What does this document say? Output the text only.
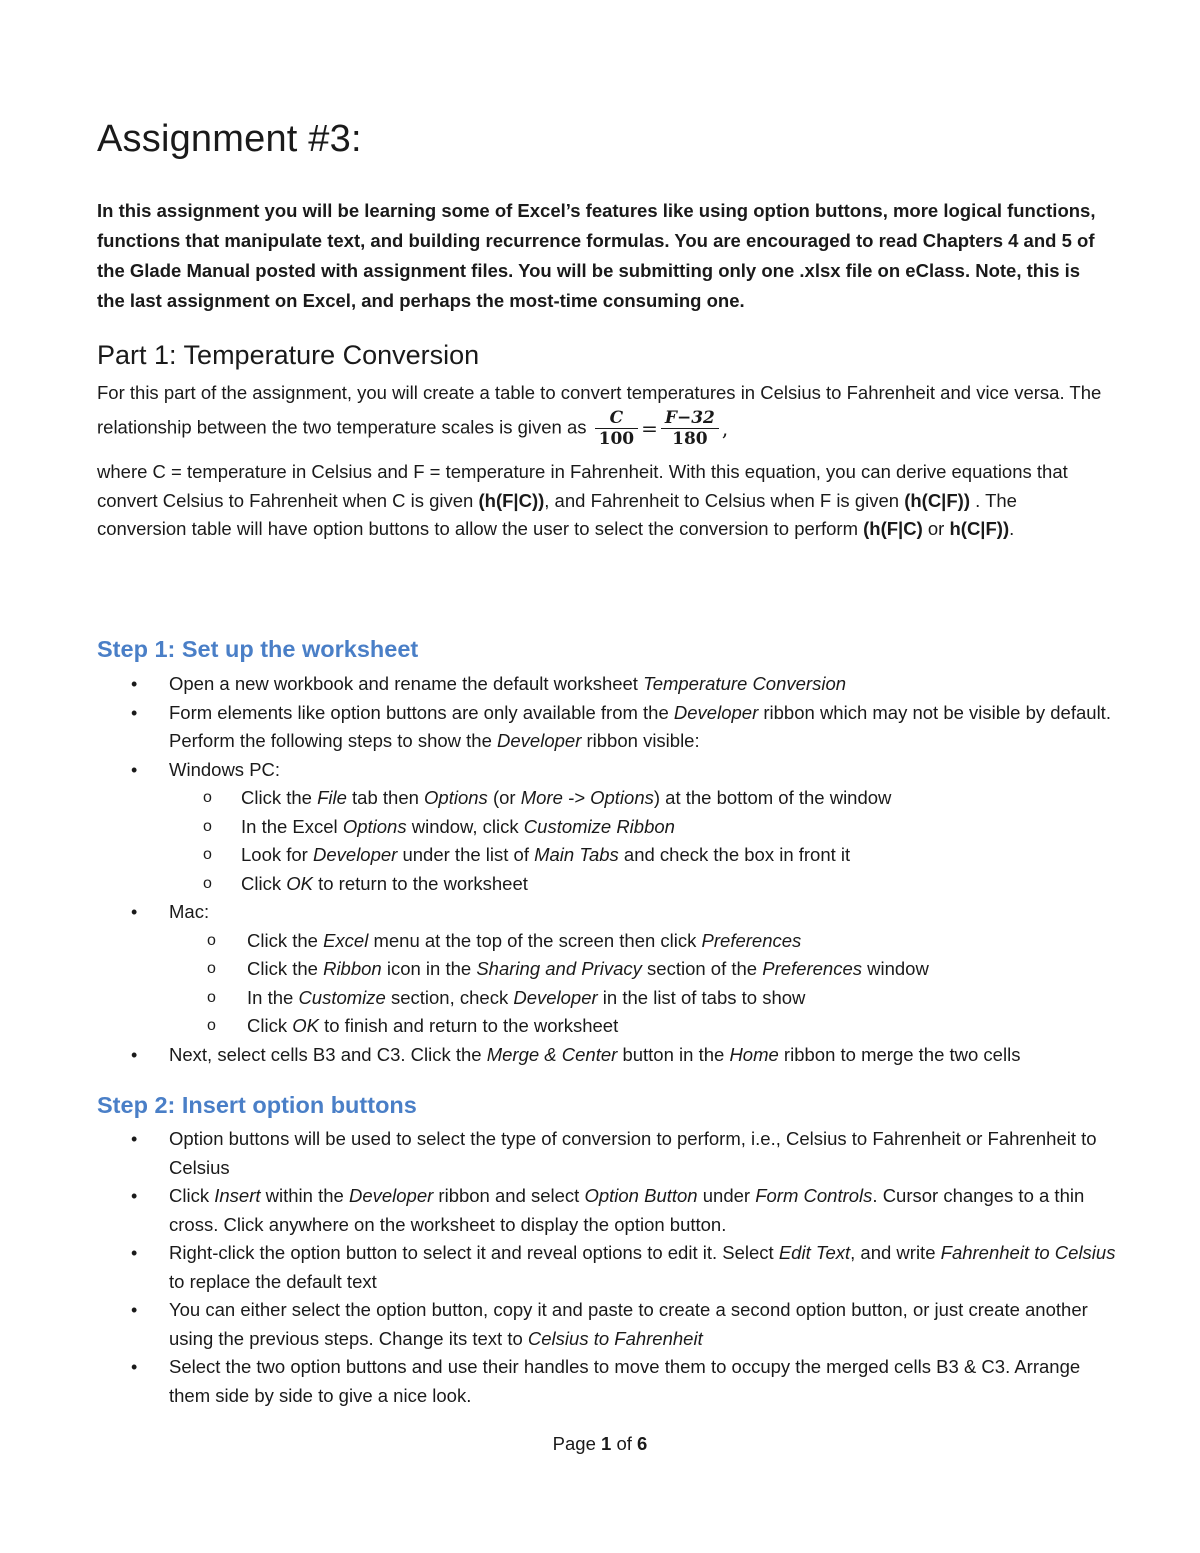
Assignment #3:

In this assignment you will be learning some of Excel’s features like using option buttons, more logical functions, functions that manipulate text, and building recurrence formulas. You are encouraged to read Chapters 4 and 5 of the Glade Manual posted with assignment files. You will be submitting only one .xlsx file on eClass. Note, this is the last assignment on Excel, and perhaps the most-time consuming one.

Part 1: Temperature Conversion

For this part of the assignment, you will create a table to convert temperatures in Celsius to Fahrenheit and vice versa. The relationship between the two temperature scales is given as $\frac{C}{100} = \frac{F-32}{180}$ ,

where C = temperature in Celsius and F = temperature in Fahrenheit. With this equation, you can derive equations that convert Celsius to Fahrenheit when C is given (h(F|C)), and Fahrenheit to Celsius when F is given (h(C|F)) . The conversion table will have option buttons to allow the user to select the conversion to perform (h(F|C) or h(C|F)).

Step 1: Set up the worksheet
• Open a new workbook and rename the default worksheet Temperature Conversion
• Form elements like option buttons are only available from the Developer ribbon which may not be visible by default. Perform the following steps to show the Developer ribbon visible:
• Windows PC:
o Click the File tab then Options (or More -> Options) at the bottom of the window
o In the Excel Options window, click Customize Ribbon
o Look for Developer under the list of Main Tabs and check the box in front it
o Click OK to return to the worksheet
• Mac:
o Click the Excel menu at the top of the screen then click Preferences
o Click the Ribbon icon in the Sharing and Privacy section of the Preferences window
o In the Customize section, check Developer in the list of tabs to show
o Click OK to finish and return to the worksheet
• Next, select cells B3 and C3. Click the Merge & Center button in the Home ribbon to merge the two cells
Step 2: Insert option buttons
• Option buttons will be used to select the type of conversion to perform, i.e., Celsius to Fahrenheit or Fahrenheit to Celsius
• Click Insert within the Developer ribbon and select Option Button under Form Controls. Cursor changes to a thin cross. Click anywhere on the worksheet to display the option button.
• Right-click the option button to select it and reveal options to edit it. Select Edit Text, and write Fahrenheit to Celsius to replace the default text
• You can either select the option button, copy it and paste to create a second option button, or just create another using the previous steps. Change its text to Celsius to Fahrenheit
• Select the two option buttons and use their handles to move them to occupy the merged cells B3 & C3. Arrange them side by side to give a nice look.
Page 1 of 6
